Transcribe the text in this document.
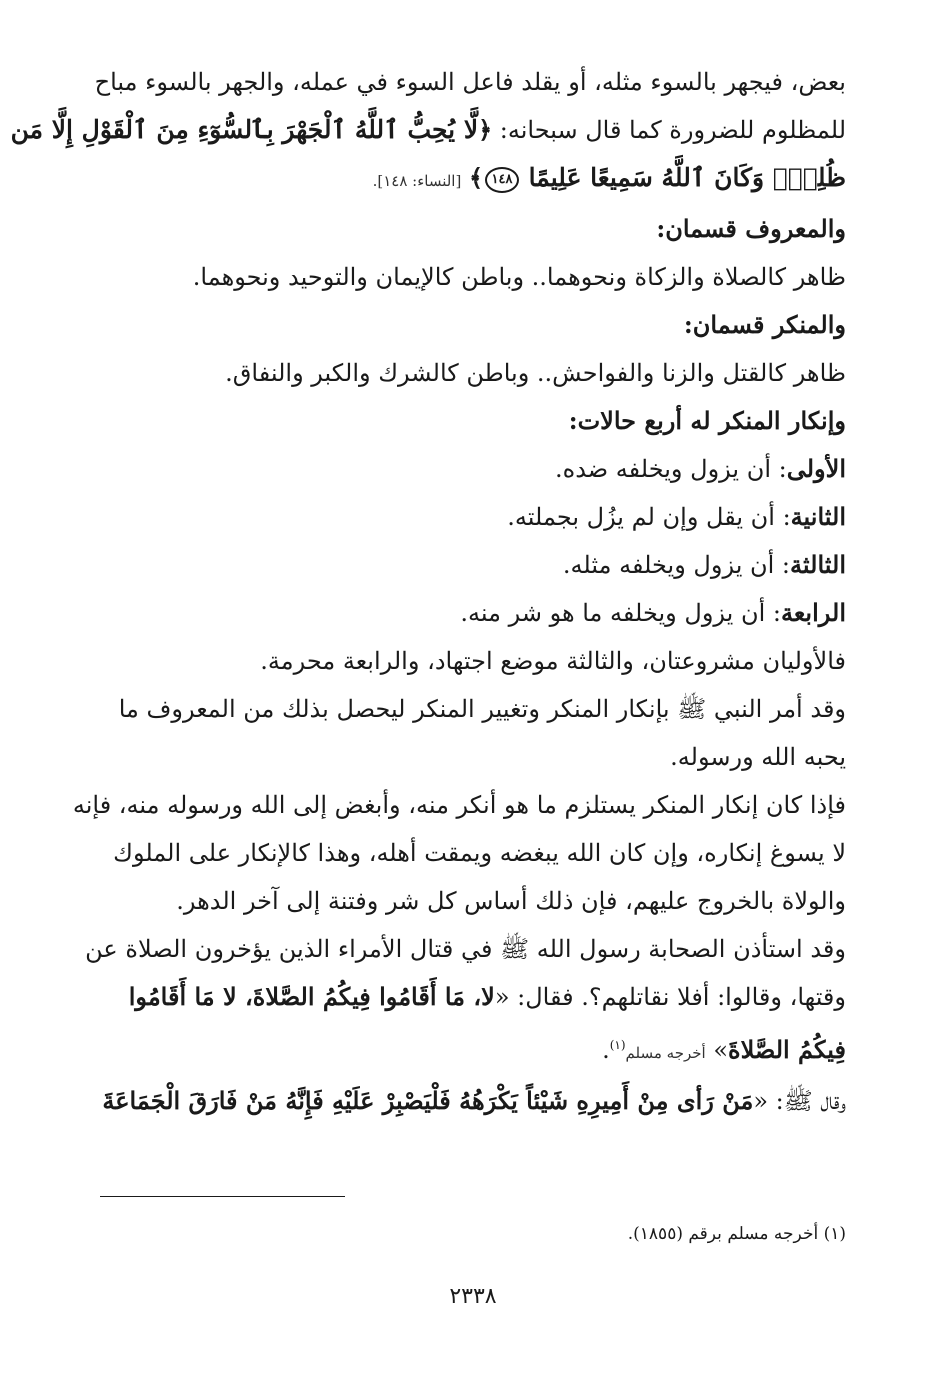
بعض، فيجهر بالسوء مثله، أو يقلد فاعل السوء في عمله، والجهر بالسوء مباح
للمظلوم للضرورة كما قال سبحانه: ﴿لَّا يُحِبُّ ٱللَّهُ ٱلْجَهْرَ بِٱلسُّوٓءِ مِنَ ٱلْقَوْلِ إِلَّا مَن
ظُلِمَۚ وَكَانَ ٱللَّهُ سَمِيعًا عَلِيمًا ١٤٨﴾ [النساء: ١٤٨].
والمعروف قسمان:
ظاهر كالصلاة والزكاة ونحوهما.. وباطن كالإيمان والتوحيد ونحوهما.
والمنكر قسمان:
ظاهر كالقتل والزنا والفواحش.. وباطن كالشرك والكبر والنفاق.
وإنكار المنكر له أربع حالات:
الأولى: أن يزول ويخلفه ضده.
الثانية: أن يقل وإن لم يزُل بجملته.
الثالثة: أن يزول ويخلفه مثله.
الرابعة: أن يزول ويخلفه ما هو شر منه.
فالأوليان مشروعتان، والثالثة موضع اجتهاد، والرابعة محرمة.
وقد أمر النبي ﷺ بإنكار المنكر وتغيير المنكر ليحصل بذلك من المعروف ما
يحبه الله ورسوله.
فإذا كان إنكار المنكر يستلزم ما هو أنكر منه، وأبغض إلى الله ورسوله منه، فإنه
لا يسوغ إنكاره، وإن كان الله يبغضه ويمقت أهله، وهذا كالإنكار على الملوك
والولاة بالخروج عليهم، فإن ذلك أساس كل شر وفتنة إلى آخر الدهر.
وقد استأذن الصحابة رسول الله ﷺ في قتال الأمراء الذين يؤخرون الصلاة عن
وقتها، وقالوا: أفلا نقاتلهم؟. فقال: «لا، مَا أَقَامُوا فِيكُمُ الصَّلاةَ، لا مَا أَقَامُوا
فِيكُمُ الصَّلاةَ» أخرجه مسلم$^{(١)}$.
وقال ﷺ: «مَنْ رَأى مِنْ أَمِيرِهِ شَيْئاً يَكْرَهُهُ فَلْيَصْبِرْ عَلَيْهِ فَإِنَّهُ مَنْ فَارَقَ الْجَمَاعَةَ
(١) أخرجه مسلم برقم (١٨٥٥).
٢٣٣٨
